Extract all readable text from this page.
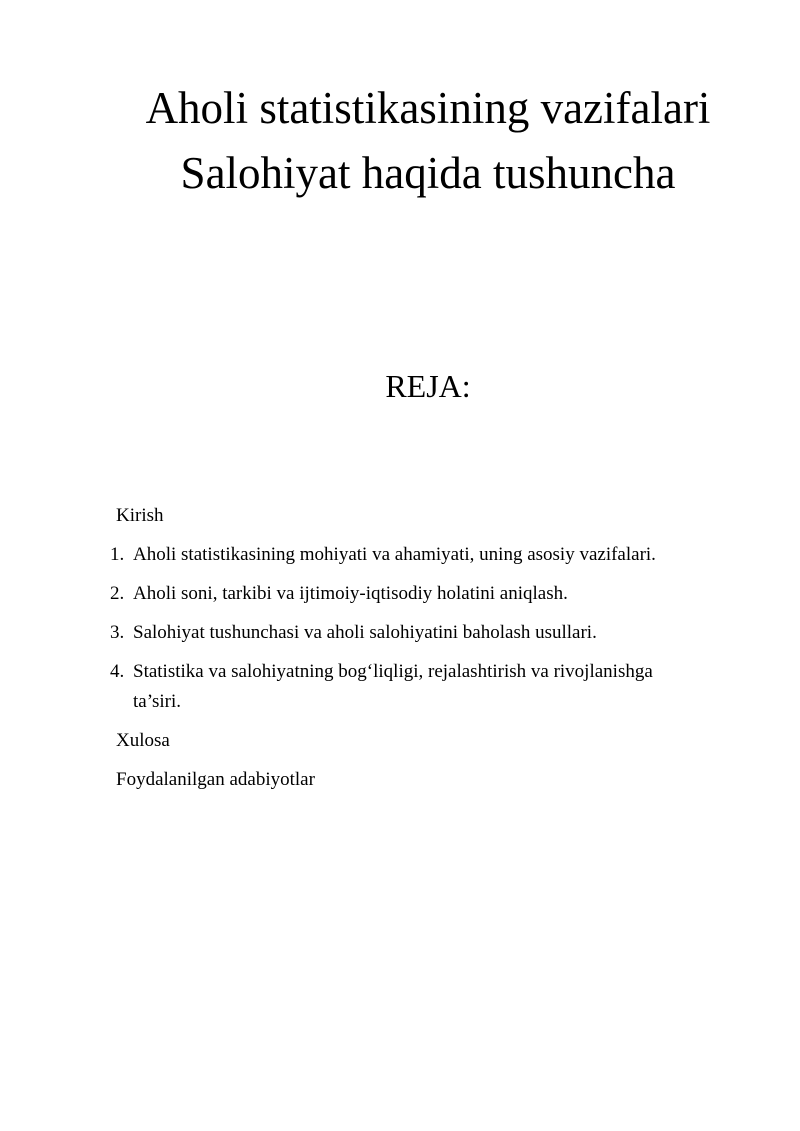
Aholi statistikasining vazifalari
Salohiyat haqida tushuncha
REJA:
Kirish
1. Aholi statistikasining mohiyati va ahamiyati, uning asosiy vazifalari.
2. Aholi soni, tarkibi va ijtimoiy-iqtisodiy holatini aniqlash.
3. Salohiyat tushunchasi va aholi salohiyatini baholash usullari.
4. Statistika va salohiyatning bog‘liqligi, rejalashtirish va rivojlanishga
ta’siri.
Xulosa
Foydalanilgan adabiyotlar
